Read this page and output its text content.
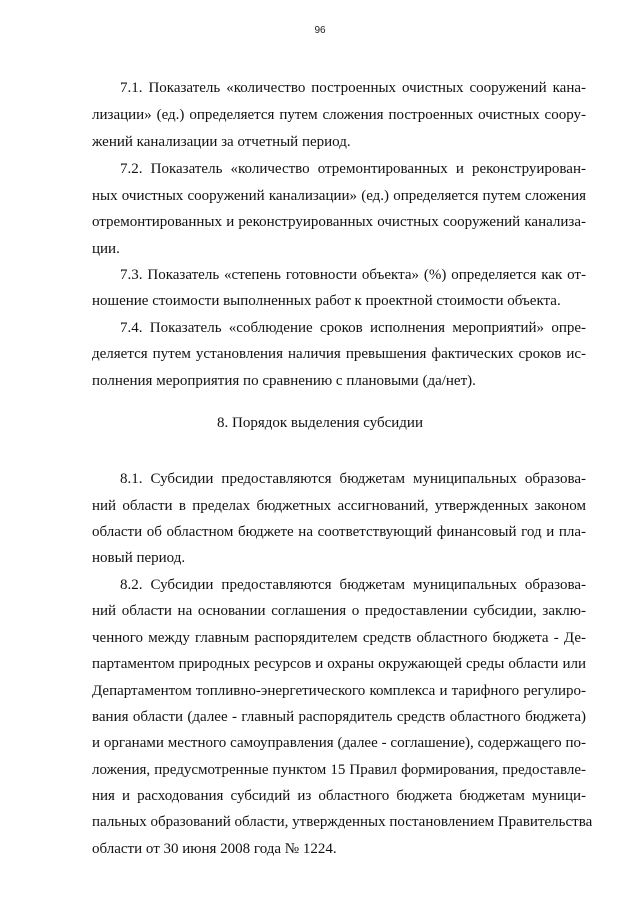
96
7.1. Показатель «количество построенных очистных сооружений кана-
лизации» (ед.) определяется путем сложения построенных очистных соору-
жений канализации за отчетный период.
7.2. Показатель «количество отремонтированных и реконструирован-
ных очистных сооружений канализации» (ед.) определяется путем сложения
отремонтированных и реконструированных очистных сооружений канализа-
ции.
7.3. Показатель «степень готовности объекта» (%) определяется как от-
ношение стоимости выполненных работ к проектной стоимости объекта.
7.4. Показатель «соблюдение сроков исполнения мероприятий» опре-
деляется путем установления наличия превышения фактических сроков ис-
полнения мероприятия по сравнению с плановыми (да/нет).
8. Порядок выделения субсидии
8.1. Субсидии предоставляются бюджетам муниципальных образова-
ний области в пределах бюджетных ассигнований, утвержденных законом
области об областном бюджете на соответствующий финансовый год и пла-
новый период.
8.2. Субсидии предоставляются бюджетам муниципальных образова-
ний области на основании соглашения о предоставлении субсидии, заклю-
ченного между главным распорядителем средств областного бюджета - Де-
партаментом природных ресурсов и охраны окружающей среды области или
Департаментом топливно-энергетического комплекса и тарифного регулиро-
вания области (далее - главный распорядитель средств областного бюджета)
и органами местного самоуправления (далее - соглашение), содержащего по-
ложения, предусмотренные пунктом 15 Правил формирования, предоставле-
ния и расходования субсидий из областного бюджета бюджетам муници-
пальных образований области, утвержденных постановлением Правительства
области от 30 июня 2008 года № 1224.
